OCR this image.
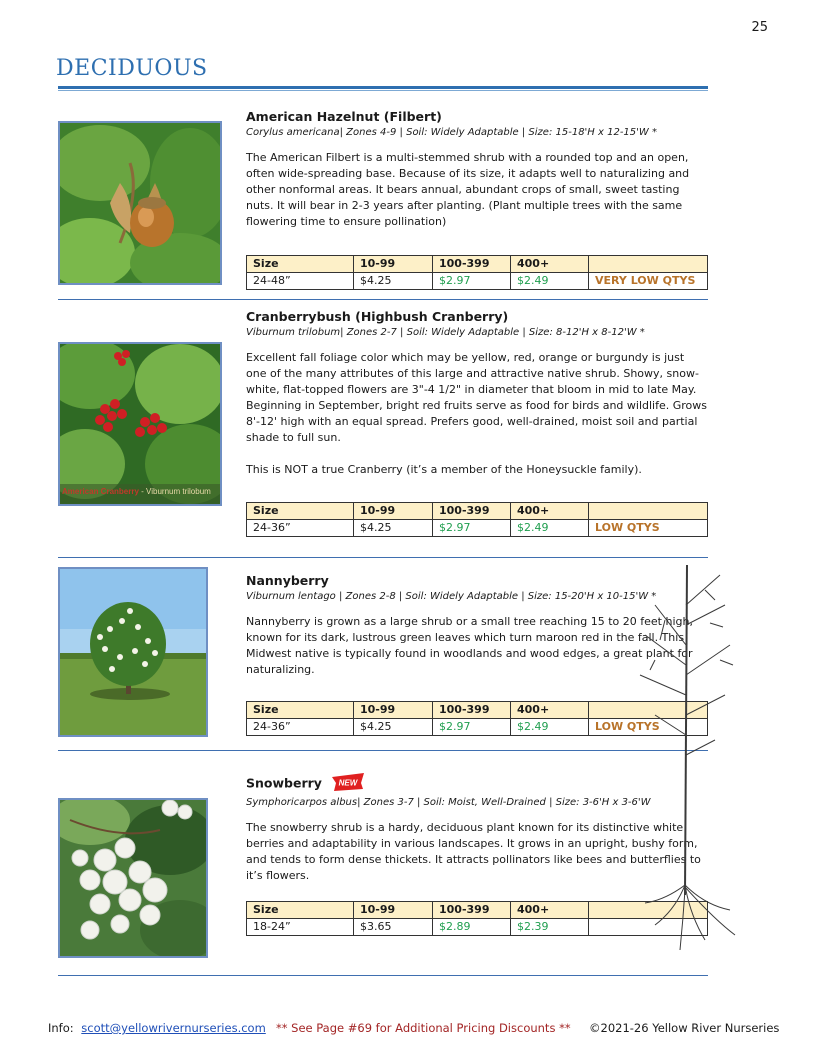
25
DECIDUOUS
American Hazelnut (Filbert)
Corylus americana| Zones 4-9 | Soil: Widely Adaptable | Size: 15-18'H x 12-15'W *

The American Filbert is a multi-stemmed shrub with a rounded top and an open, often wide-spreading base. Because of its size, it adapts well to naturalizing and other nonformal areas. It bears annual, abundant crops of small, sweet tasting nuts. It will bear in 2-3 years after planting. (Plant multiple trees with the same flowering time to ensure pollination)

Size	10-99	100-399	400+	
24-48”	$4.25	$2.97	$2.49	VERY LOW QTYS
American Cranberry - Viburnum trilobum
Cranberrybush (Highbush Cranberry)
Viburnum trilobum| Zones 2-7 | Soil: Widely Adaptable | Size: 8-12'H x 8-12'W *

Excellent fall foliage color which may be yellow, red, orange or burgundy is just one of the many attributes of this large and attractive native shrub. Showy, snow-white, flat-topped flowers are 3"-4 1/2" in diameter that bloom in mid to late May. Beginning in September, bright red fruits serve as food for birds and wildlife. Grows 8'-12' high with an equal spread. Prefers good, well-drained, moist soil and partial shade to full sun.

This is NOT a true Cranberry (it’s a member of the Honeysuckle family).

Size	10-99	100-399	400+	
24-36”	$4.25	$2.97	$2.49	LOW QTYS
Nannyberry
Viburnum lentago | Zones 2-8 | Soil: Widely Adaptable | Size: 15-20'H x 10-15'W *

Nannyberry is grown as a large shrub or a small tree reaching 15 to 20 feet high, known for its dark, lustrous green leaves which turn maroon red in the fall. This Midwest native is typically found in woodlands and wood edges, a great plant for naturalizing.

Size	10-99	100-399	400+	
24-36”	$4.25	$2.97	$2.49	LOW QTYS
Snowberry NEW
Symphoricarpos albus| Zones 3-7 | Soil: Moist, Well-Drained | Size: 3-6'H x 3-6'W

The snowberry shrub is a hardy, deciduous plant known for its distinctive white berries and adaptability in various landscapes. It grows in an upright, bushy form, and tends to form dense thickets. It attracts pollinators like bees and butterflies to it’s flowers.

Size	10-99	100-399	400+	
18-24”	$3.65	$2.89	$2.39	
Info: scott@yellowrivernurseries.com ** See Page #69 for Additional Pricing Discounts ** ©2021-26 Yellow River Nurseries
